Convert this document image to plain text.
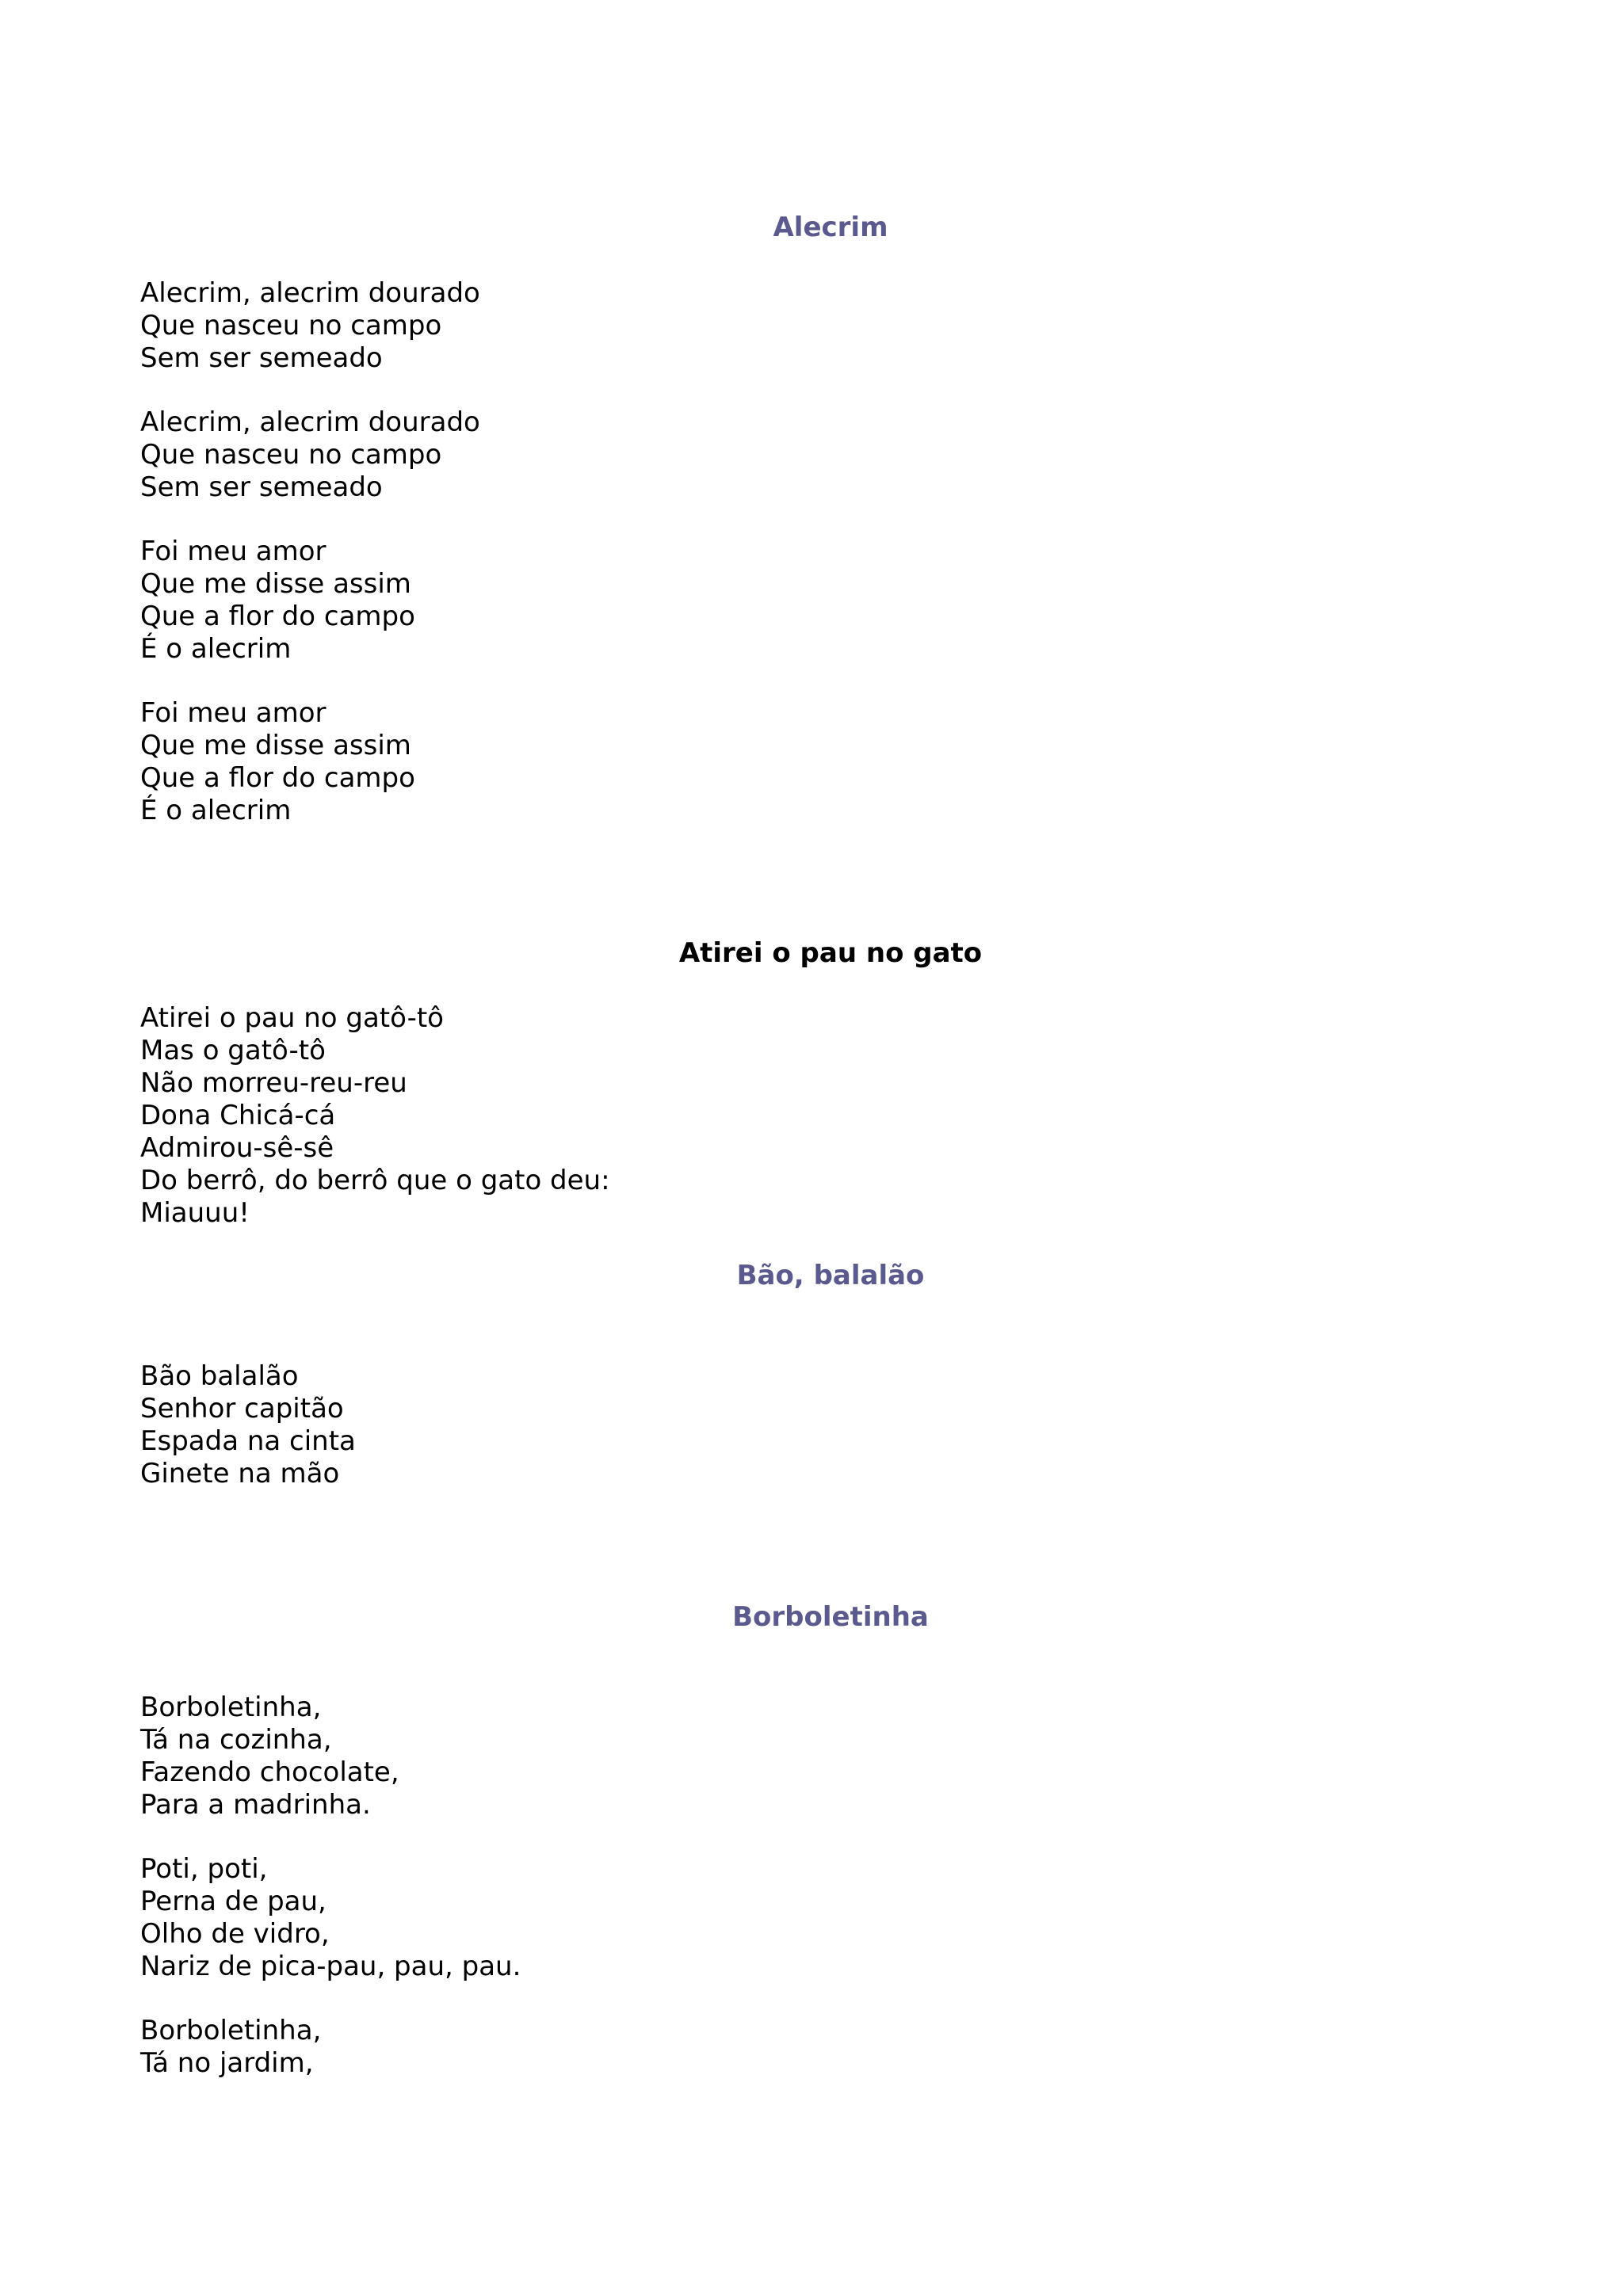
Alecrim
Alecrim, alecrim dourado
Que nasceu no campo
Sem ser semeado
Alecrim, alecrim dourado
Que nasceu no campo
Sem ser semeado
Foi meu amor
Que me disse assim
Que a flor do campo
É o alecrim
Foi meu amor
Que me disse assim
Que a flor do campo
É o alecrim
Atirei o pau no gato
Atirei o pau no gatô-tô
Mas o gatô-tô
Não morreu-reu-reu
Dona Chicá-cá
Admirou-sê-sê
Do berrô, do berrô que o gato deu:
Miauuu!
Bão, balalão
Bão balalão
Senhor capitão
Espada na cinta
Ginete na mão
Borboletinha
Borboletinha,
Tá na cozinha,
Fazendo chocolate,
Para a madrinha.
Poti, poti,
Perna de pau,
Olho de vidro,
Nariz de pica-pau, pau, pau.
Borboletinha,
Tá no jardim,
